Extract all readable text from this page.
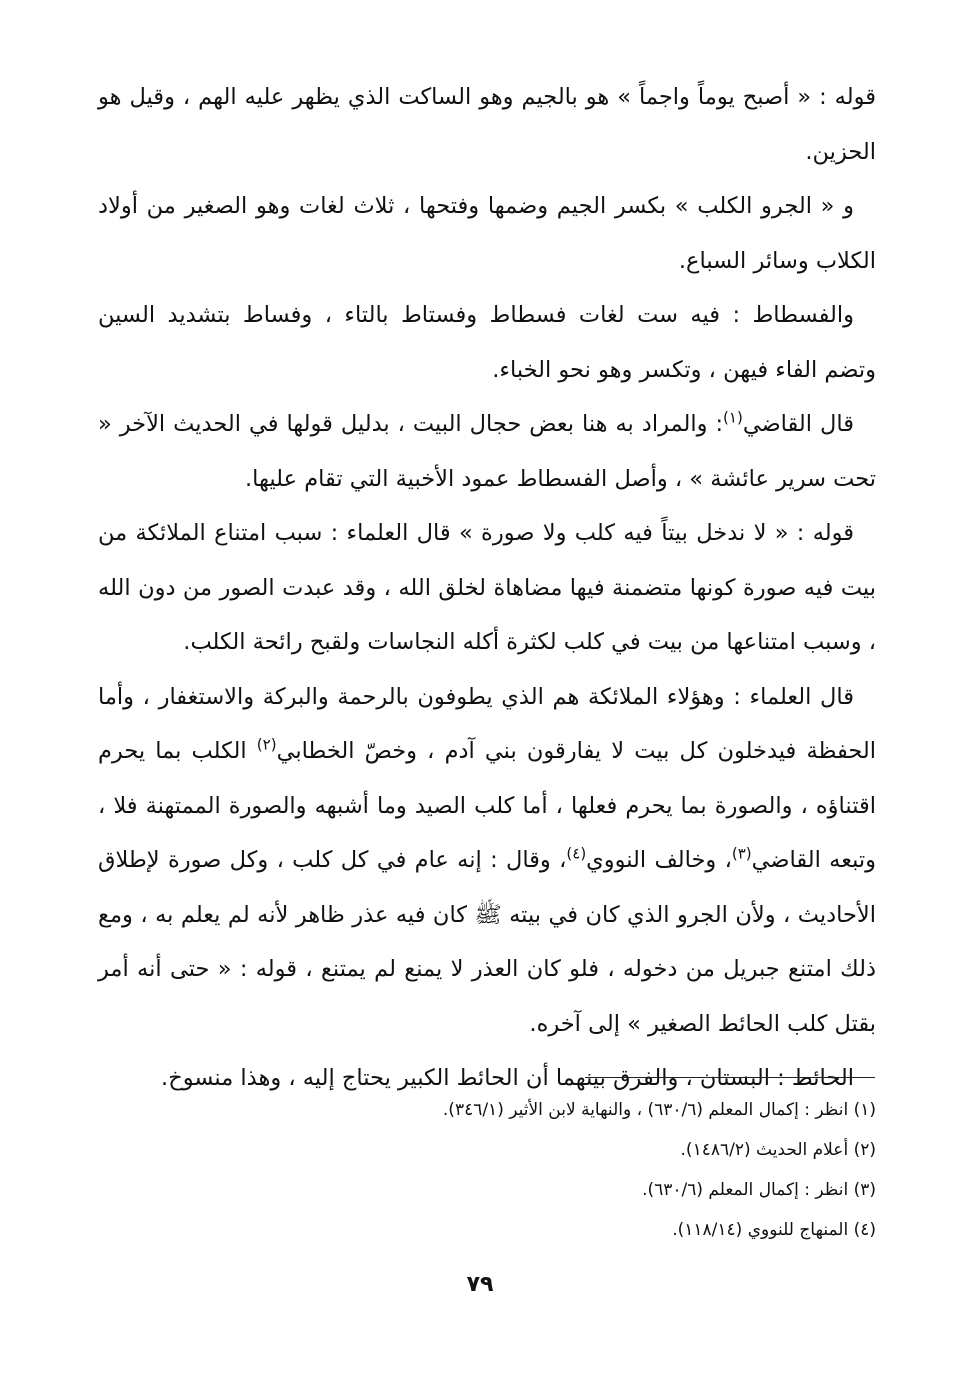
قوله : « أصبح يوماً واجماً » هو بالجيم وهو الساكت الذي يظهر عليه الهم ، وقيل هو الحزين.

و « الجرو الكلب » بكسر الجيم وضمها وفتحها ، ثلاث لغات وهو الصغير من أولاد الكلاب وسائر السباع.

والفسطاط : فيه ست لغات فسطاط وفستاط بالتاء ، وفساط بتشديد السين وتضم الفاء فيهن ، وتكسر وهو نحو الخباء.

قال القاضي$^{(١)}$: والمراد به هنا بعض حجال البيت ، بدليل قولها في الحديث الآخر « تحت سرير عائشة » ، وأصل الفسطاط عمود الأخبية التي تقام عليها.

قوله : « لا ندخل بيتاً فيه كلب ولا صورة » قال العلماء : سبب امتناع الملائكة من بيت فيه صورة كونها متضمنة فيها مضاهاة لخلق الله ، وقد عبدت الصور من دون الله ، وسبب امتناعها من بيت في كلب لكثرة أكله النجاسات ولقبح رائحة الكلب.

قال العلماء : وهؤلاء الملائكة هم الذي يطوفون بالرحمة والبركة والاستغفار ، وأما الحفظة فيدخلون كل بيت لا يفارقون بني آدم ، وخصّ الخطابي$^{(٢)}$ الكلب بما يحرم اقتناؤه ، والصورة بما يحرم فعلها ، أما كلب الصيد وما أشبهه والصورة الممتهنة فلا ، وتبعه القاضي$^{(٣)}$، وخالف النووي$^{(٤)}$، وقال : إنه عام في كل كلب ، وكل صورة لإطلاق الأحاديث ، ولأن الجرو الذي كان في بيته ﷺ كان فيه عذر ظاهر لأنه لم يعلم به ، ومع ذلك امتنع جبريل من دخوله ، فلو كان العذر لا يمنع لم يمتنع ، قوله : « حتى أنه أمر بقتل كلب الحائط الصغير » إلى آخره.

الحائط : البستان ، والفرق بينهما أن الحائط الكبير يحتاج إليه ، وهذا منسوخ.

(١) انظر : إكمال المعلم (٦٣٠/٦) ، والنهاية لابن الأثير (٣٤٦/١).
(٢) أعلام الحديث (١٤٨٦/٢).
(٣) انظر : إكمال المعلم (٦٣٠/٦).
(٤) المنهاج للنووي (١١٨/١٤).
٧٩
